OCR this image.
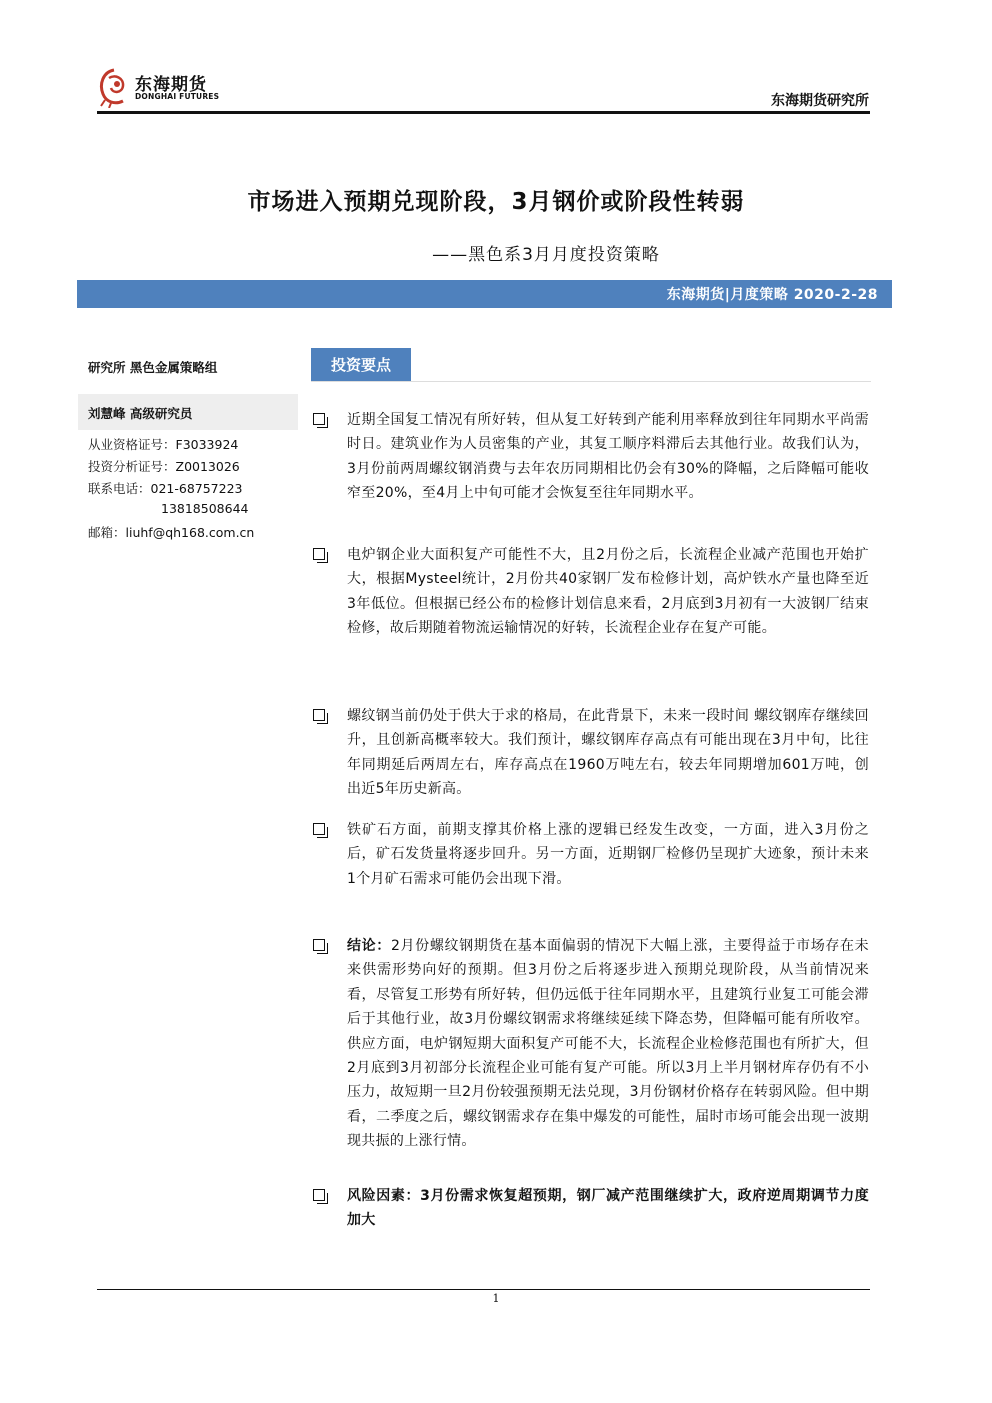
东海期货
DONGHAI FUTURES	东海期货研究所
市场进入预期兑现阶段，3月钢价或阶段性转弱
——黑色系3月月度投资策略
东海期货|月度策略 2020-2-28
研究所 黑色金属策略组
刘慧峰 高级研究员
从业资格证号：F3033924
投资分析证号：Z0013026
联系电话：021-68757223
13818508644
邮箱：liuhf@qh168.com.cn
投资要点
近期全国复工情况有所好转，但从复工好转到产能利用率释放到往年同期水平尚需时日。建筑业作为人员密集的产业，其复工顺序料滞后去其他行业。故我们认为，3月份前两周螺纹钢消费与去年农历同期相比仍会有30%的降幅，之后降幅可能收窄至20%，至4月上中旬可能才会恢复至往年同期水平。
电炉钢企业大面积复产可能性不大，且2月份之后，长流程企业减产范围也开始扩大，根据Mysteel统计，2月份共40家钢厂发布检修计划，高炉铁水产量也降至近3年低位。但根据已经公布的检修计划信息来看，2月底到3月初有一大波钢厂结束检修，故后期随着物流运输情况的好转，长流程企业存在复产可能。
螺纹钢当前仍处于供大于求的格局，在此背景下，未来一段时间 螺纹钢库存继续回升，且创新高概率较大。我们预计，螺纹钢库存高点有可能出现在3月中旬，比往年同期延后两周左右，库存高点在1960万吨左右，较去年同期增加601万吨，创出近5年历史新高。
铁矿石方面，前期支撑其价格上涨的逻辑已经发生改变，一方面，进入3月份之后，矿石发货量将逐步回升。另一方面，近期钢厂检修仍呈现扩大迹象，预计未来1个月矿石需求可能仍会出现下滑。
结论：2月份螺纹钢期货在基本面偏弱的情况下大幅上涨，主要得益于市场存在未来供需形势向好的预期。但3月份之后将逐步进入预期兑现阶段，从当前情况来看，尽管复工形势有所好转，但仍远低于往年同期水平，且建筑行业复工可能会滞后于其他行业，故3月份螺纹钢需求将继续延续下降态势，但降幅可能有所收窄。供应方面，电炉钢短期大面积复产可能不大，长流程企业检修范围也有所扩大，但2月底到3月初部分长流程企业可能有复产可能。所以3月上半月钢材库存仍有不小压力，故短期一旦2月份较强预期无法兑现，3月份钢材价格存在转弱风险。但中期看，二季度之后，螺纹钢需求存在集中爆发的可能性，届时市场可能会出现一波期现共振的上涨行情。
风险因素：3月份需求恢复超预期，钢厂减产范围继续扩大，政府逆周期调节力度加大
1
